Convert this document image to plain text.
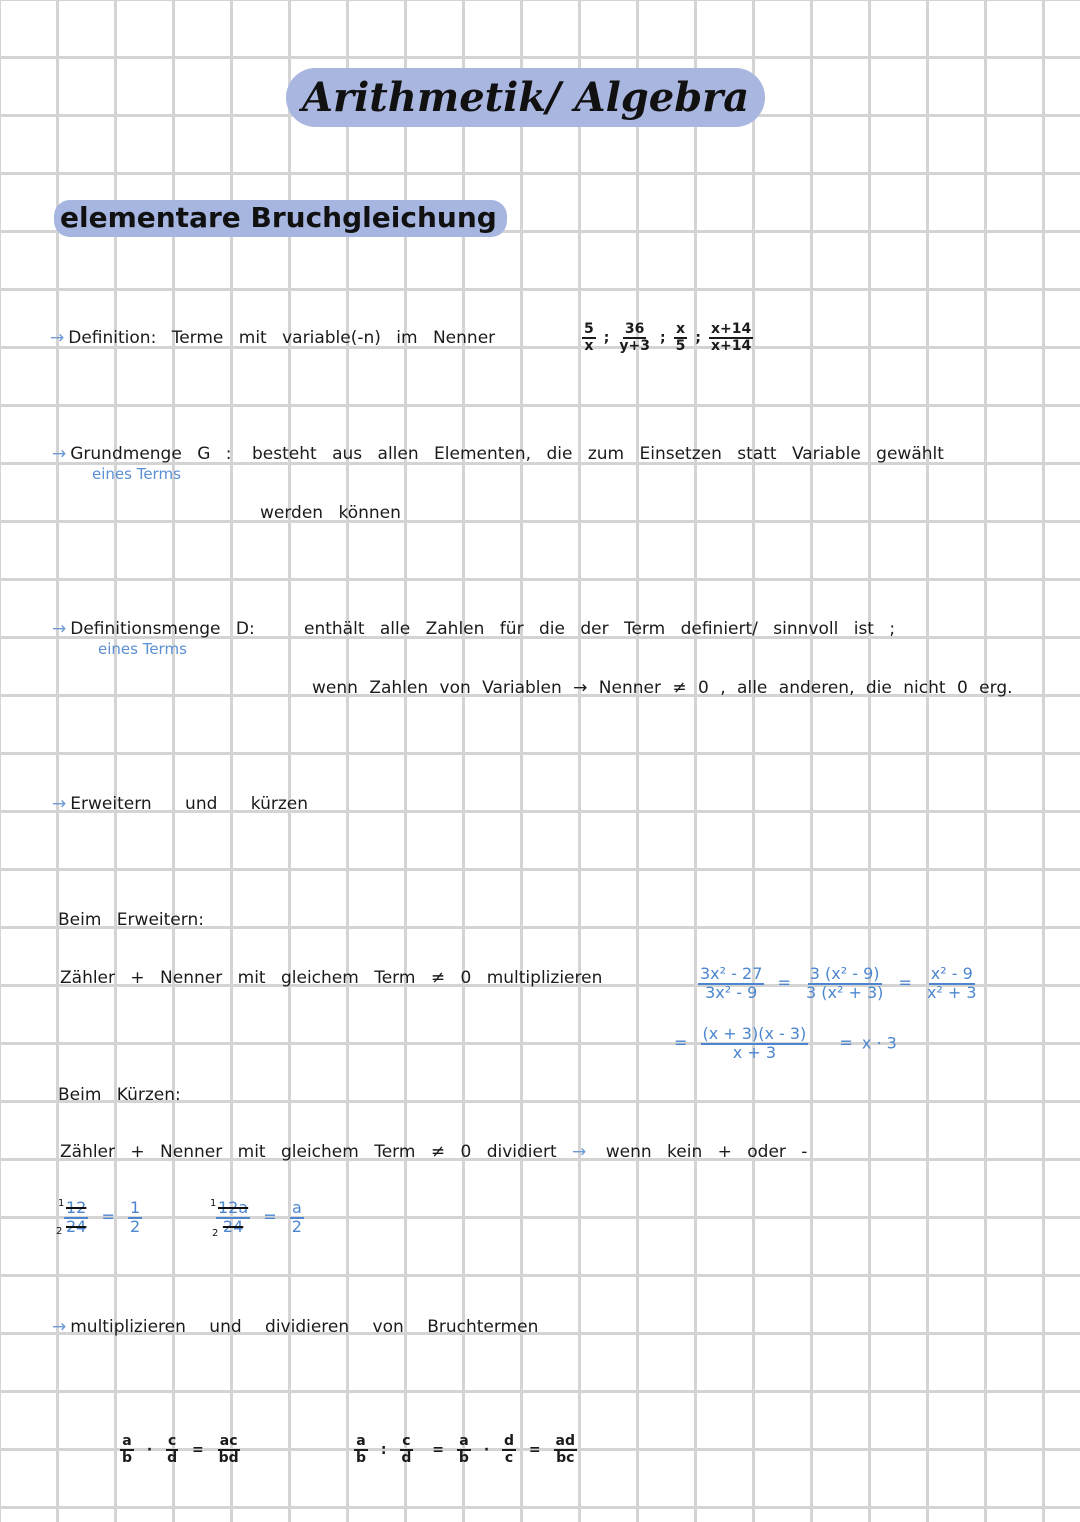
Arithmetik/ Algebra
elementare Bruchgleichung
→ Definition: Terme mit variable(-n) im Nenner	$\frac{5}{x}$ ; $\frac{36}{y+3}$ ; $\frac{x}{5}$ ; $\frac{x+14}{x+14}$
→ Grundmenge G :
eines Terms
besteht aus allen Elementen, die zum Einsetzen statt Variable gewählt
werden können
→ Definitionsmenge D:
eines Terms
enthält alle Zahlen für die der Term definiert/ sinnvoll ist ;
wenn Zahlen von Variablen → Nenner ≠ 0 , alle anderen, die nicht 0 erg.
→ Erweitern und kürzen
Beim Erweitern:
Zähler + Nenner mit gleichem Term ≠ 0 multiplizieren	$\frac{\text{3x² - 27}}{\text{3x² - 9}} = \frac{\text{3 (x² - 9)}}{\text{3 (x² + 3)}} = \frac{\text{x² - 9}}{\text{x² + 3}}$
= $\frac{(x + 3)(x - 3)}{x + 3} = x \cdot 3$
Beim Kürzen:
Zähler + Nenner mit gleichem Term ≠ 0 dividiert → wenn kein + oder -
1
$2 \frac{12}{24} = \frac{1}{2}$	1
2
$\frac{12a}{24} = \frac{a}{2}$
→ multiplizieren und dividieren von Bruchtermen
$\frac{a}{b} \cdot \frac{c}{d} = \frac{ac}{bd}$	$\frac{a}{b}$ : $\frac{c}{d} = \frac{a}{b} \cdot \frac{d}{c} = \frac{ad}{bc}$
